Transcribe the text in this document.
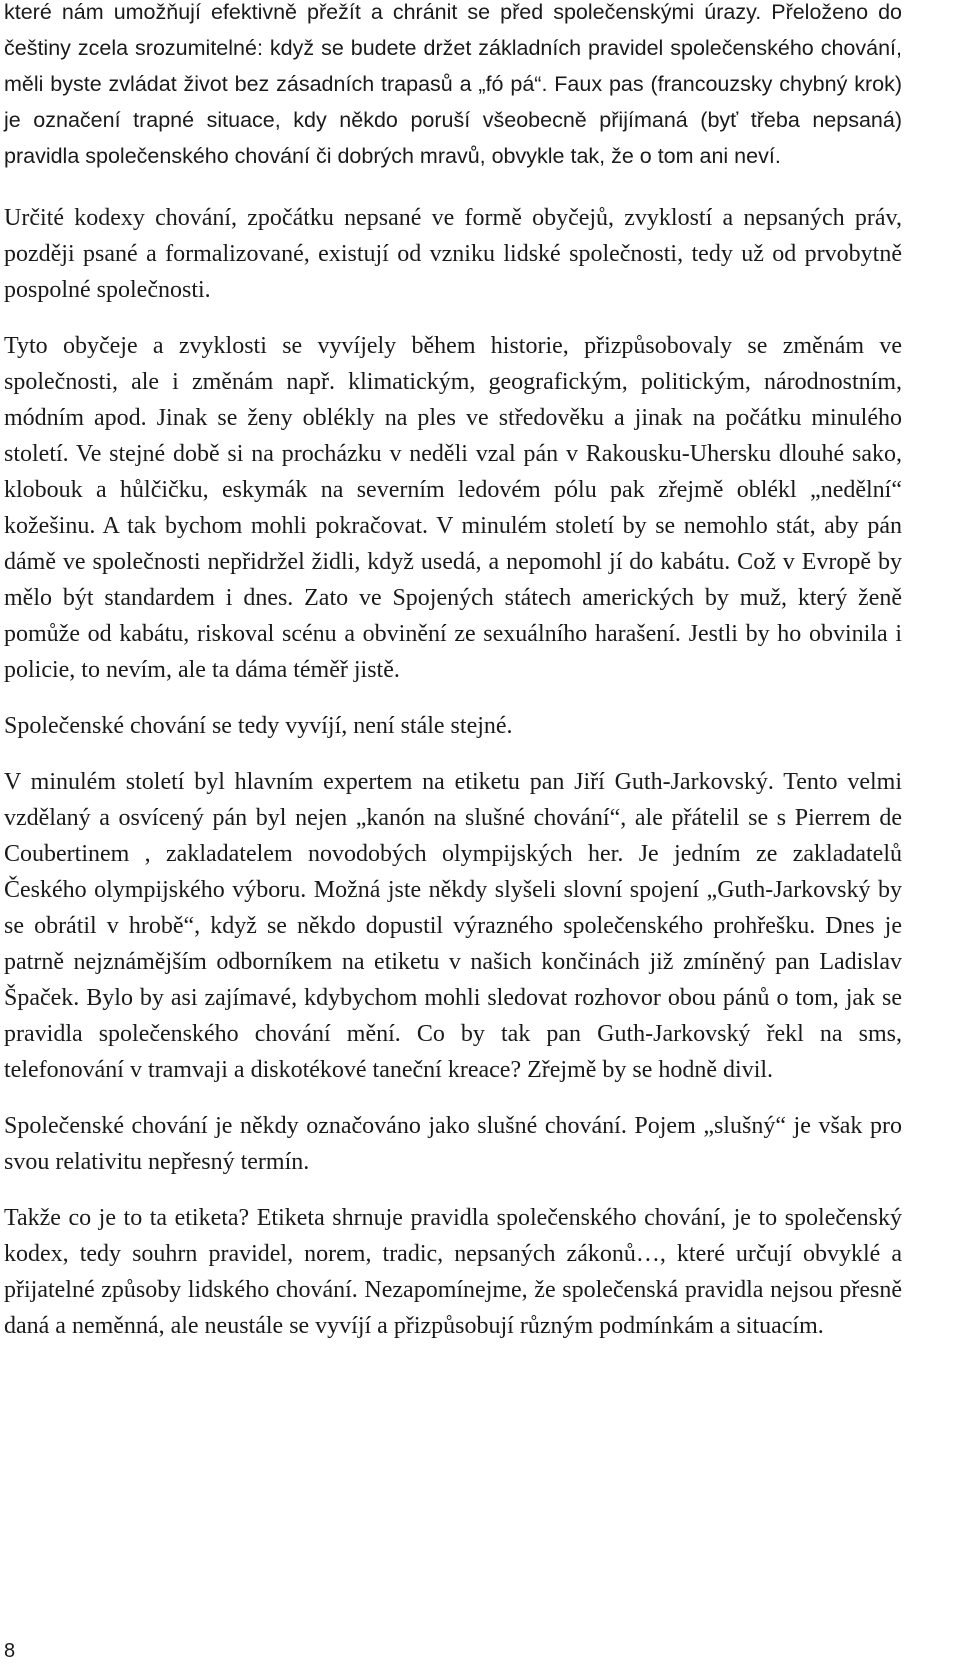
které nám umožňují efektivně přežít a chránit se před společenskými úrazy. Přeloženo do češtiny zcela srozumitelné: když se budete držet základních pravidel společenského chování, měli byste zvládat život bez zásadních trapasů a „fó pá“. Faux pas (francouzsky chybný krok) je označení trapné situace, kdy někdo poruší všeobecně přijímaná (byť třeba nepsaná) pravidla společenského chování či dobrých mravů, obvykle tak, že o tom ani neví.

Určité kodexy chování, zpočátku nepsané ve formě obyčejů, zvyklostí a nepsaných práv, později psané a formalizované, existují od vzniku lidské společnosti, tedy už od prvobytně pospolné společnosti.

Tyto obyčeje a zvyklosti se vyvíjely během historie, přizpůsobovaly se změnám ve společnosti, ale i změnám např. klimatickým, geografickým, politickým, národnostním, módním apod. Jinak se ženy oblékly na ples ve středověku a jinak na počátku minulého století. Ve stejné době si na procházku v neděli vzal pán v Rakousku-Uhersku dlouhé sako, klobouk a hůlčičku, eskymák na severním ledovém pólu pak zřejmě oblékl „nedělní“ kožešinu. A tak bychom mohli pokračovat. V minulém století by se nemohlo stát, aby pán dámě ve společnosti nepřidržel židli, když usedá, a nepomohl jí do kabátu. Což v Evropě by mělo být standardem i dnes. Zato ve Spojených státech amerických by muž, který ženě pomůže od kabátu, riskoval scénu a obvinění ze sexuálního harašení. Jestli by ho obvinila i policie, to nevím, ale ta dáma téměř jistě.

Společenské chování se tedy vyvíjí, není stále stejné.

V minulém století byl hlavním expertem na etiketu pan Jiří Guth-Jarkovský. Tento velmi vzdělaný a osvícený pán byl nejen „kanón na slušné chování“, ale přátelil se s Pierrem de Coubertinem , zakladatelem novodobých olympijských her. Je jedním ze zakladatelů Českého olympijského výboru. Možná jste někdy slyšeli slovní spojení „Guth-Jarkovský by se obrátil v hrobě“, když se někdo dopustil výrazného společenského prohřešku. Dnes je patrně nejznámějším odborníkem na etiketu v našich končinách již zmíněný pan Ladislav Špaček. Bylo by asi zajímavé, kdybychom mohli sledovat rozhovor obou pánů o tom, jak se pravidla společenského chování mění. Co by tak pan Guth-Jarkovský řekl na sms, telefonování v tramvaji a diskotékové taneční kreace? Zřejmě by se hodně divil.

Společenské chování je někdy označováno jako slušné chování. Pojem „slušný“ je však pro svou relativitu nepřesný termín.

Takže co je to ta etiketa? Etiketa shrnuje pravidla společenského chování, je to společenský kodex, tedy souhrn pravidel, norem, tradic, nepsaných zákonů…, které určují obvyklé a přijatelné způsoby lidského chování. Nezapomínejme, že společenská pravidla nejsou přesně daná a neměnná, ale neustále se vyvíjí a přizpůsobují různým podmínkám a situacím.

8
